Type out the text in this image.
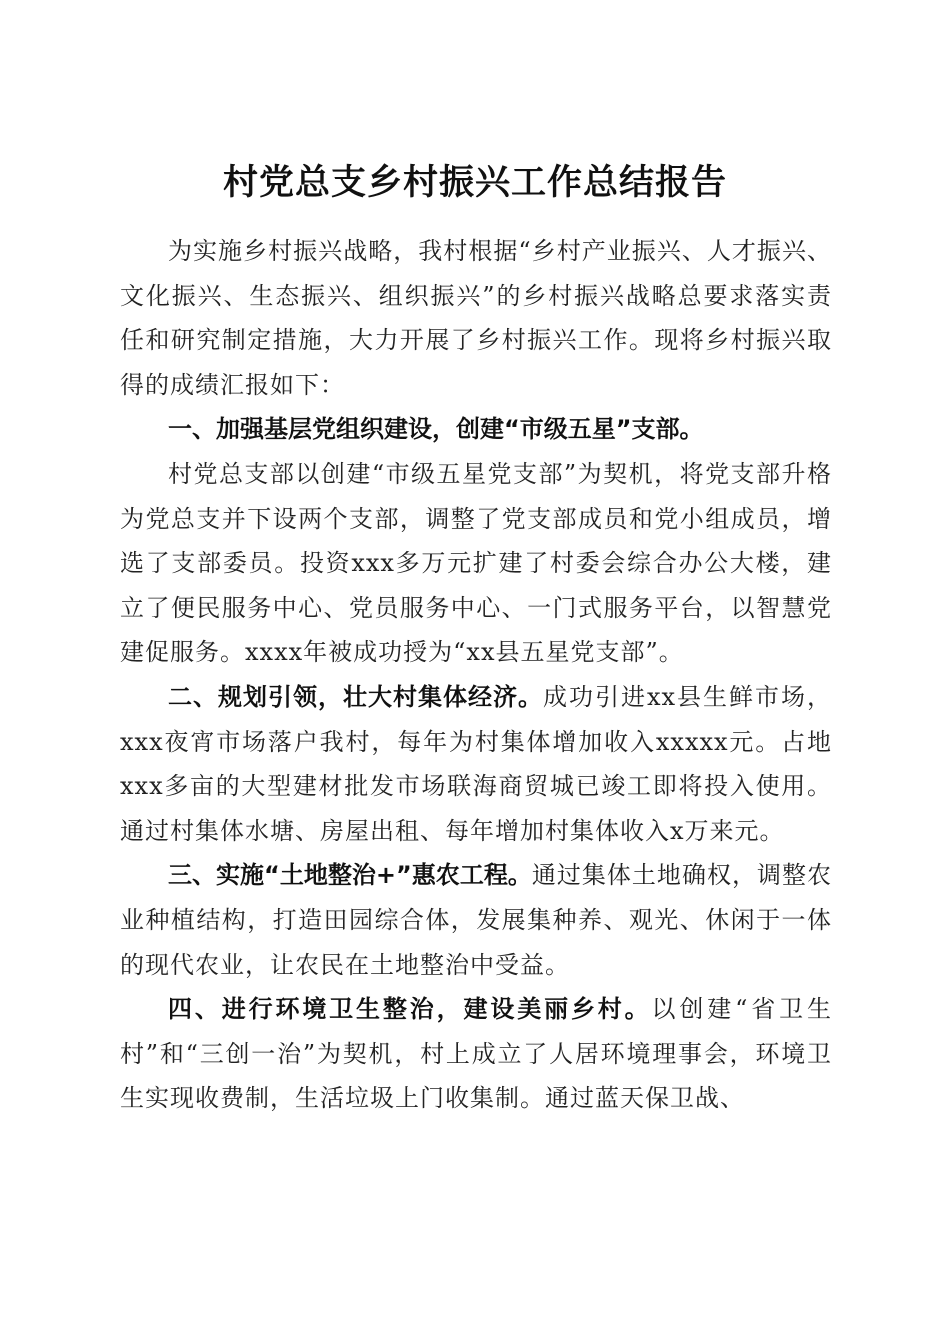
村党总支乡村振兴工作总结报告

为实施乡村振兴战略，我村根据“乡村产业振兴、人才振兴、文化振兴、生态振兴、组织振兴”的乡村振兴战略总要求落实责任和研究制定措施，大力开展了乡村振兴工作。现将乡村振兴取得的成绩汇报如下：

一、加强基层党组织建设，创建“市级五星”支部。

村党总支部以创建“市级五星党支部”为契机，将党支部升格为党总支并下设两个支部，调整了党支部成员和党小组成员，增选了支部委员。投资xxx多万元扩建了村委会综合办公大楼，建立了便民服务中心、党员服务中心、一门式服务平台，以智慧党建促服务。xxxx年被成功授为“xx县五星党支部”。

二、规划引领，壮大村集体经济。成功引进xx县生鲜市场，xxx夜宵市场落户我村，每年为村集体增加收入xxxxx元。占地xxx多亩的大型建材批发市场联海商贸城已竣工即将投入使用。通过村集体水塘、房屋出租、每年增加村集体收入x万来元。

三、实施“土地整治+”惠农工程。通过集体土地确权，调整农业种植结构，打造田园综合体，发展集种养、观光、休闲于一体的现代农业，让农民在土地整治中受益。

四、进行环境卫生整治，建设美丽乡村。以创建“省卫生村”和“三创一治”为契机，村上成立了人居环境理事会，环境卫生实现收费制，生活垃圾上门收集制。通过蓝天保卫战、
